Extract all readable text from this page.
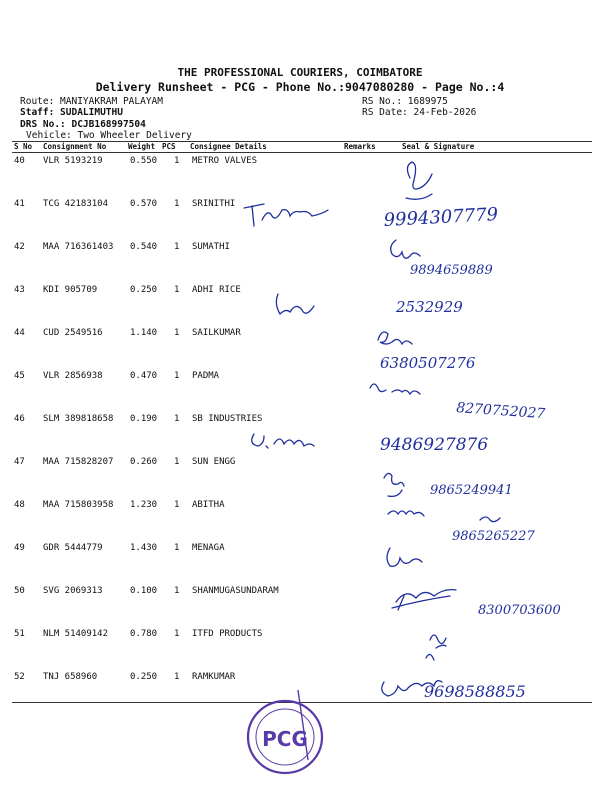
THE PROFESSIONAL COURIERS, COIMBATORE
Delivery Runsheet - PCG - Phone No.:9047080280 - Page No.:4
Route: MANIYAKRAM PALAYAM
Staff: SUDALIMUTHU
DRS No.: DCJB168997504
Vehicle: Two Wheeler Delivery
RS No.: 1689975
RS Date: 24-Feb-2026
S No Consignment No	Weight PCS Consignee Details	Remarks	Seal & Signature
40 VLR 5193219	0.550 1 METRO VALVES
41 TCG 42183104 0.570 1 SRINITHI
42 MAA 716361403 0.540 1 SUMATHI
43 KDI 905709	0.250 1 ADHI RICE
44 CUD 2549516	1.140 1 SAILKUMAR
45 VLR 2856938	0.470 1 PADMA
46 SLM 389818658 0.190 1 SB INDUSTRIES
47 MAA 715828207 0.260 1 SUN ENGG
48 MAA 715803958 1.230 1 ABITHA
49 GDR 5444779	1.430 1 MENAGA
50 SVG 2069313	0.100 1 SHANMUGASUNDARAM
51 NLM 51409142 0.780 1 ITFD PRODUCTS
52 TNJ 658960	0.250 1 RAMKUMAR
9994307779
9894659889
2532929
6380507276
8270752027
9486927876
9865249941
9865265227
8300703600
9698588855
PCG
